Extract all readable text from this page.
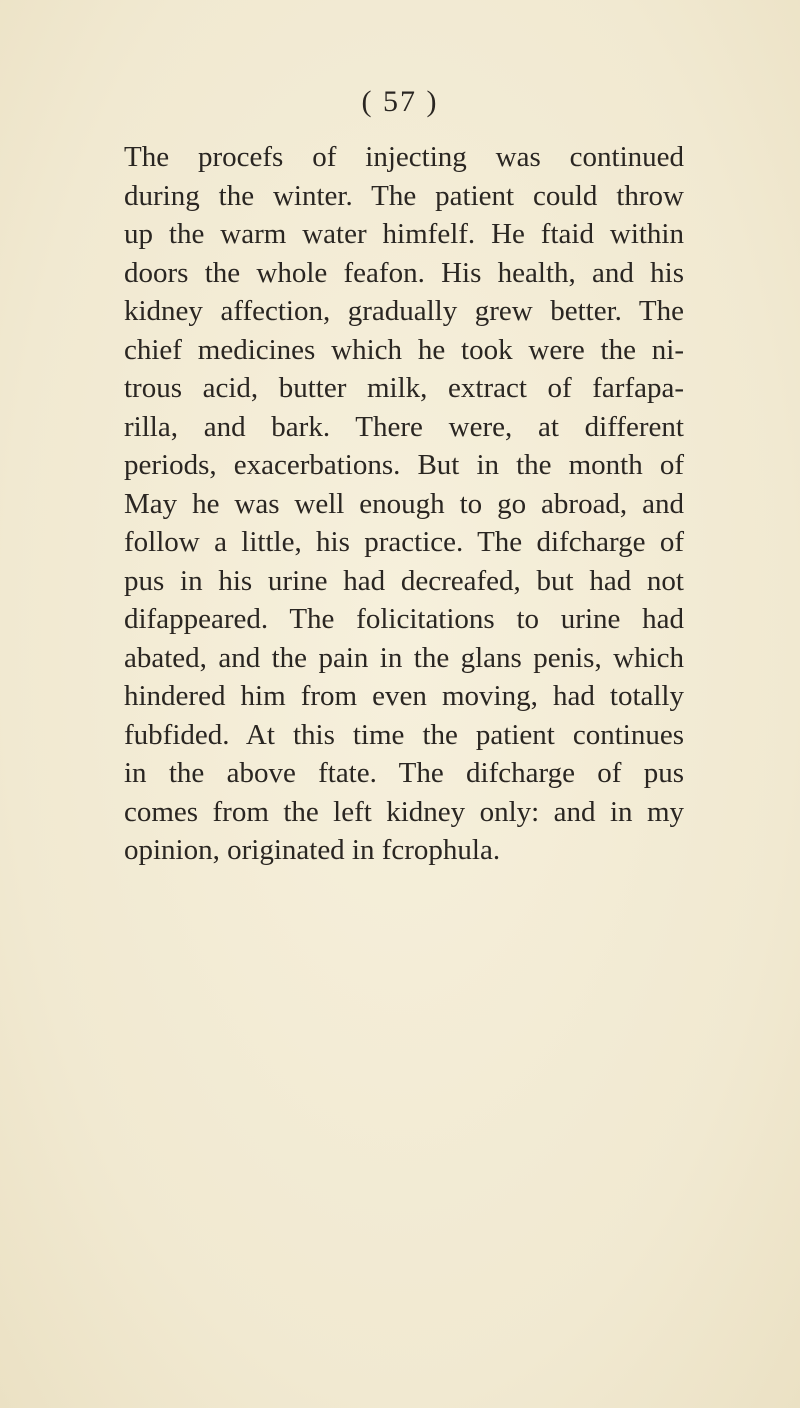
( 57 )
The procefs of injecting was continued
during the winter. The patient could throw
up the warm water himfelf. He ftaid within
doors the whole feafon. His health, and his
kidney affection, gradually grew better. The
chief medicines which he took were the ni-
trous acid, butter milk, extract of farfapa-
rilla, and bark. There were, at different
periods, exacerbations. But in the month of
May he was well enough to go abroad, and
follow a little, his practice. The difcharge of
pus in his urine had decreafed, but had not
difappeared. The folicitations to urine had
abated, and the pain in the glans penis, which
hindered him from even moving, had totally
fubfided. At this time the patient continues
in the above ftate. The difcharge of pus
comes from the left kidney only: and in my
opinion, originated in fcrophula.
